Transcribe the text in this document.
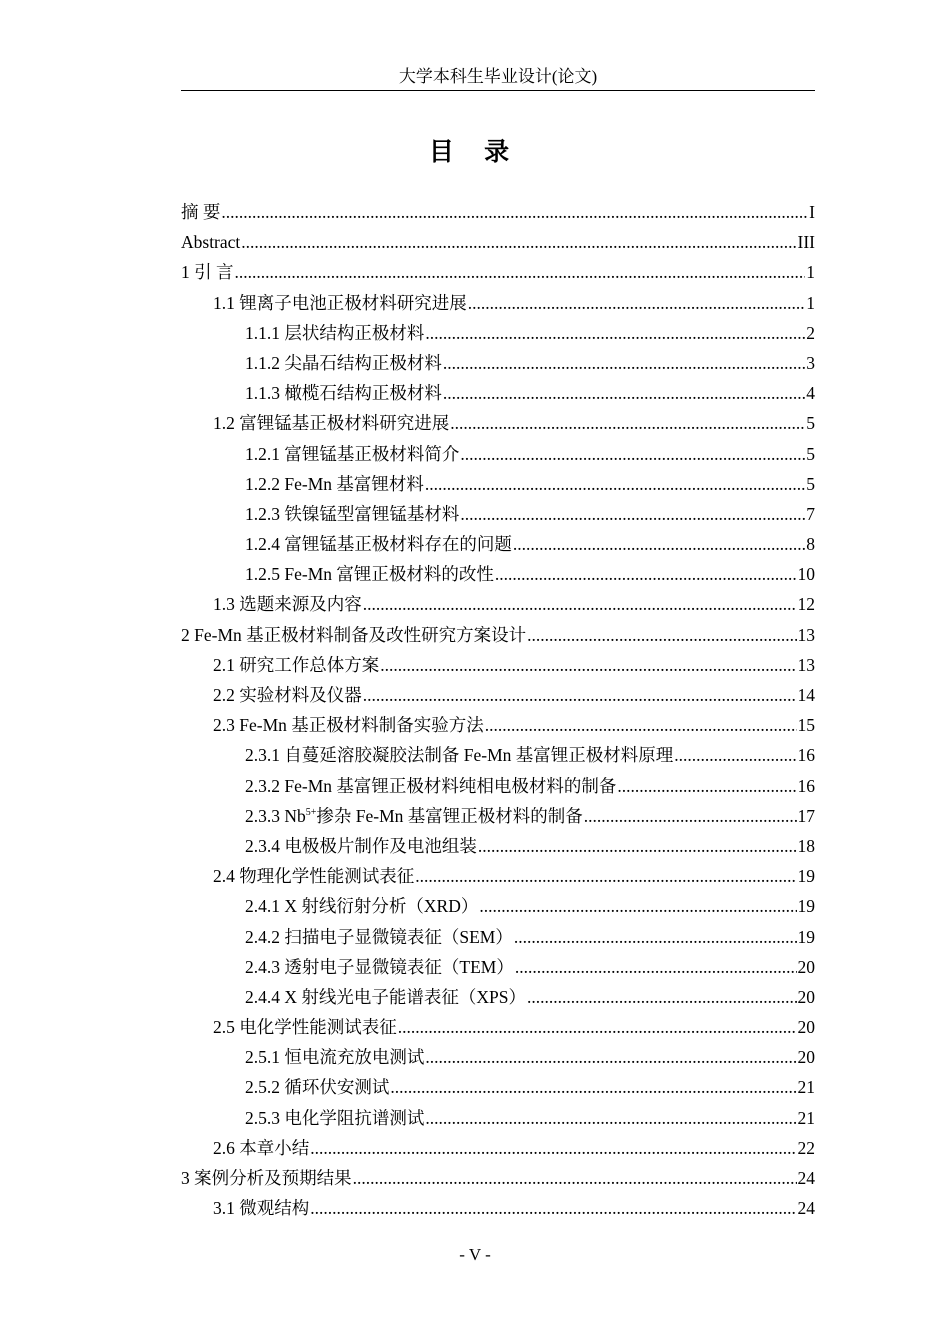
大学本科生毕业设计(论文)
目 录
摘 要 .....	I
Abstract .....	III
1 引 言 .....	1
1.1 锂离子电池正极材料研究进展 .....	1
1.1.1 层状结构正极材料 .....	2
1.1.2 尖晶石结构正极材料 .....	3
1.1.3 橄榄石结构正极材料 .....	4
1.2 富锂锰基正极材料研究进展 .....	5
1.2.1 富锂锰基正极材料简介 .....	5
1.2.2 Fe-Mn 基富锂材料 .....	5
1.2.3 铁镍锰型富锂锰基材料 .....	7
1.2.4 富锂锰基正极材料存在的问题 .....	8
1.2.5 Fe-Mn 富锂正极材料的改性 .....	10
1.3 选题来源及内容 .....	12
2 Fe-Mn 基正极材料制备及改性研究方案设计 .....	13
2.1 研究工作总体方案 .....	13
2.2 实验材料及仪器 .....	14
2.3 Fe-Mn 基正极材料制备实验方法 .....	15
2.3.1 自蔓延溶胶凝胶法制备 Fe-Mn 基富锂正极材料原理 .....	16
2.3.2 Fe-Mn 基富锂正极材料纯相电极材料的制备 .....	16
2.3.3 $Nb^{5+}$掺杂 Fe-Mn 基富锂正极材料的制备 .....	17
2.3.4 电极极片制作及电池组装 .....	18
2.4 物理化学性能测试表征 .....	19
2.4.1 X 射线衍射分析（XRD） .....	19
2.4.2 扫描电子显微镜表征（SEM） .....	19
2.4.3 透射电子显微镜表征（TEM） .....	20
2.4.4 X 射线光电子能谱表征（XPS） .....	20
2.5 电化学性能测试表征 .....	20
2.5.1 恒电流充放电测试 .....	20
2.5.2 循环伏安测试 .....	21
2.5.3 电化学阻抗谱测试 .....	21
2.6 本章小结 .....	22
3 案例分析及预期结果 .....	24
3.1 微观结构 .....	24
- V -
